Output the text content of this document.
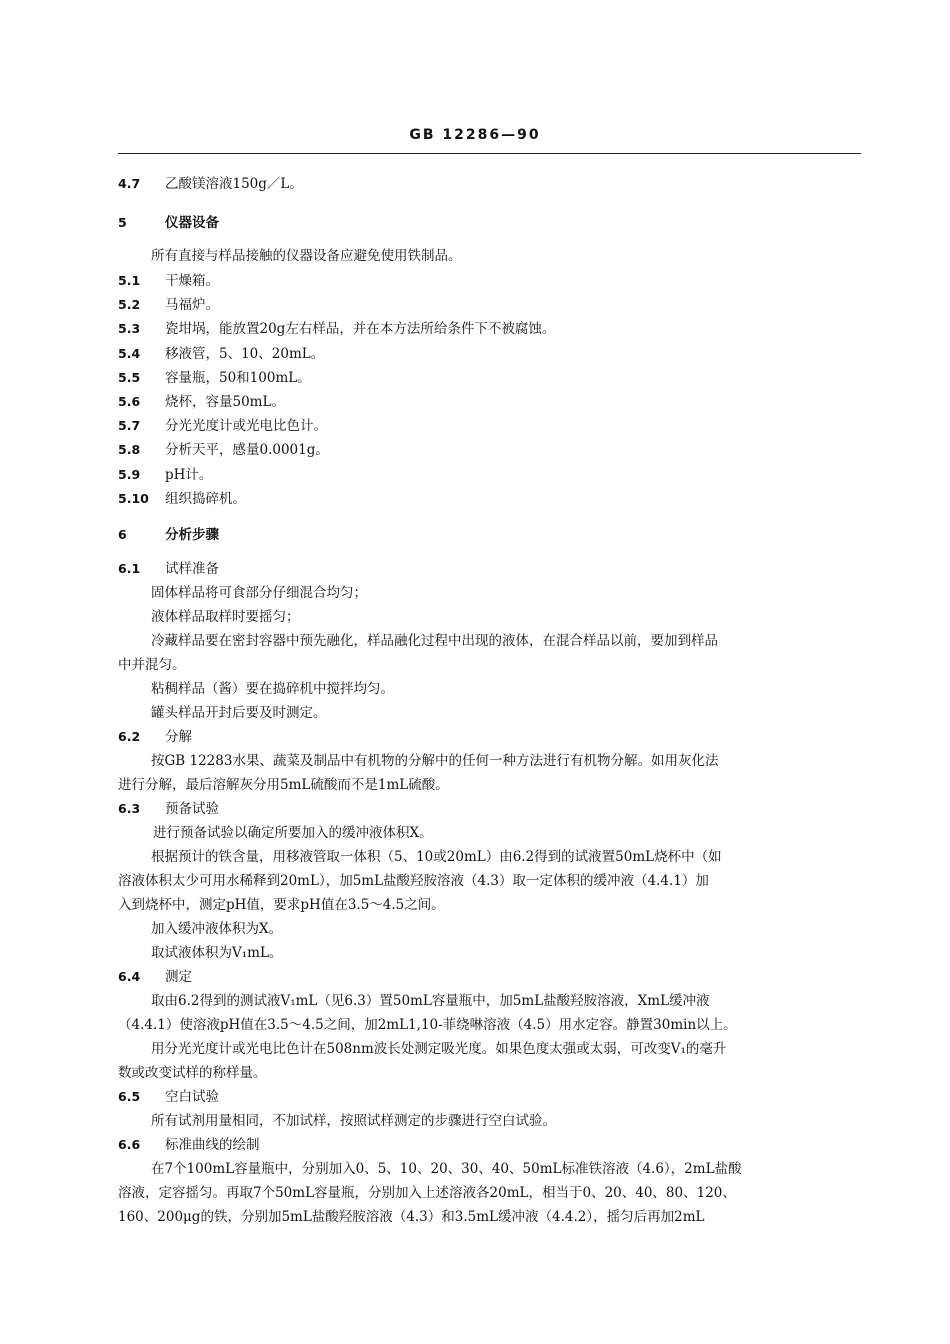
GB 12286—90
4.7 乙酸镁溶液150g／L。
5	仪器设备
所有直接与样品接触的仪器设备应避免使用铁制品。
5.1 干燥箱。
5.2 马福炉。
5.3 瓷坩埚，能放置20g左右样品，并在本方法所给条件下不被腐蚀。
5.4 移液管，5、10、20mL。
5.5 容量瓶，50和100mL。
5.6 烧杯，容量50mL。
5.7 分光光度计或光电比色计。
5.8 分析天平，感量0.0001g。
5.9 pH计。
5.10 组织捣碎机。
6	分析步骤
6.1 试样准备
固体样品将可食部分仔细混合均匀；
液体样品取样时要摇匀；
冷藏样品要在密封容器中预先融化，样品融化过程中出现的液体，在混合样品以前，要加到样品
中并混匀。
粘稠样品（酱）要在捣碎机中搅拌均匀。
罐头样品开封后要及时测定。
6.2 分解
按GB 12283水果、蔬菜及制品中有机物的分解中的任何一种方法进行有机物分解。如用灰化法
进行分解，最后溶解灰分用5mL硫酸而不是1mL硫酸。
6.3 预备试验
进行预备试验以确定所要加入的缓冲液体积X。
根据预计的铁含量，用移液管取一体积（5、10或20mL）由6.2得到的试液置50mL烧杯中（如
溶液体积太少可用水稀释到20mL），加5mL盐酸羟胺溶液（4.3）取一定体积的缓冲液（4.4.1）加
入到烧杯中，测定pH值，要求pH值在3.5～4.5之间。
加入缓冲液体积为X。
取试液体积为V₁mL。
6.4 测定
取由6.2得到的测试液V₁mL（见6.3）置50mL容量瓶中，加5mL盐酸羟胺溶液，XmL缓冲液
（4.4.1）使溶液pH值在3.5～4.5之间，加2mL1,10-菲绕啉溶液（4.5）用水定容。静置30min以上。
用分光光度计或光电比色计在508nm波长处测定吸光度。如果色度太强或太弱，可改变V₁的毫升
数或改变试样的称样量。
6.5 空白试验
所有试剂用量相同，不加试样，按照试样测定的步骤进行空白试验。
6.6 标准曲线的绘制
在7个100mL容量瓶中，分别加入0、5、10、20、30、40、50mL标准铁溶液（4.6），2mL盐酸
溶液，定容摇匀。再取7个50mL容量瓶，分别加入上述溶液各20mL，相当于0、20、40、80、120、
160、200μg的铁，分别加5mL盐酸羟胺溶液（4.3）和3.5mL缓冲液（4.4.2），摇匀后再加2mL
